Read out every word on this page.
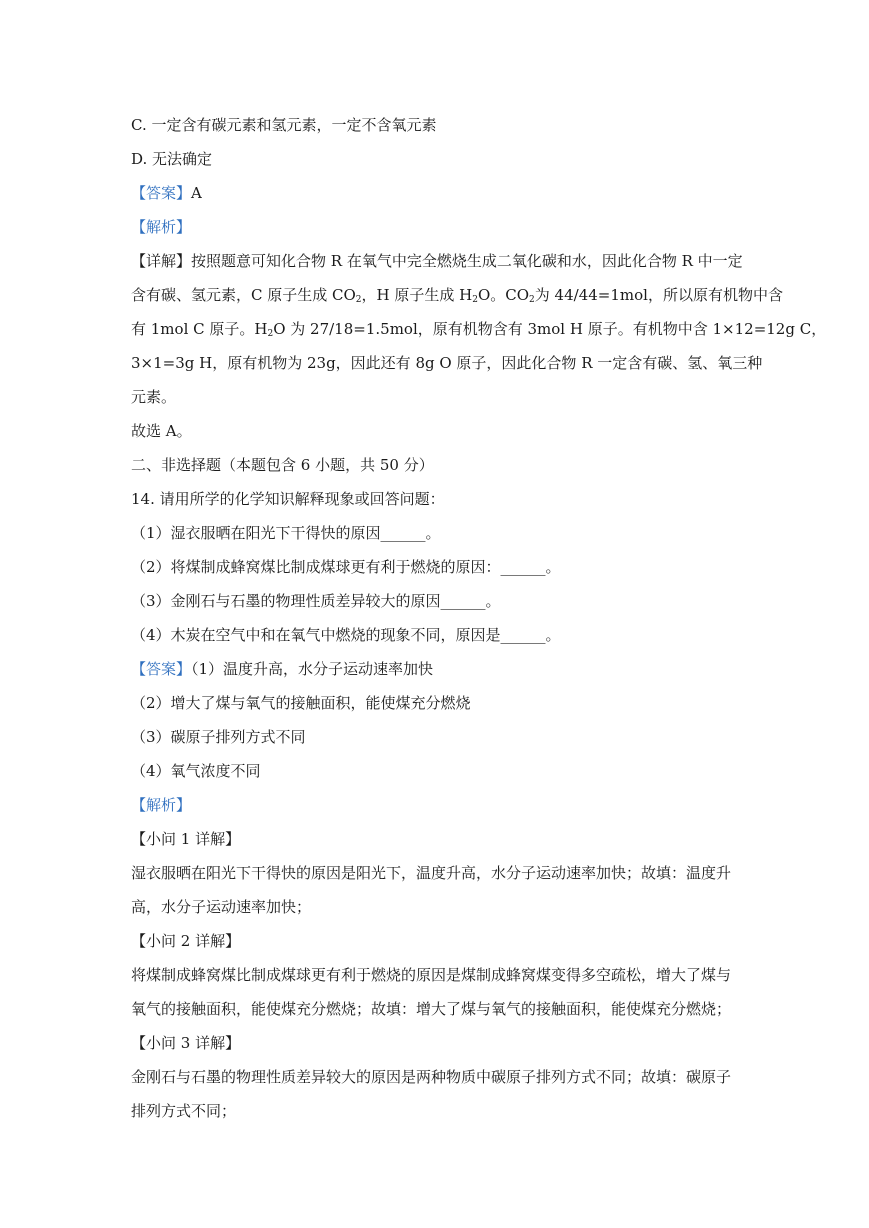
C. 一定含有碳元素和氢元素，一定不含氧元素
D. 无法确定
【答案】A
【解析】
【详解】按照题意可知化合物 R 在氧气中完全燃烧生成二氧化碳和水，因此化合物 R 中一定
含有碳、氢元素，C 原子生成 $CO_2$，H 原子生成 $H_2O$。$CO_2$为 44/44=1mol，所以原有机物中含
有 1mol C 原子。$H_2O$ 为 27/18=1.5mol，原有机物含有 3mol H 原子。有机物中含 1×12=12g C，
3×1=3g H，原有机物为 23g，因此还有 8g O 原子，因此化合物 R 一定含有碳、氢、氧三种
元素。
故选 A。
二、非选择题（本题包含 6 小题，共 50 分）
14. 请用所学的化学知识解释现象或回答问题：
（1）湿衣服晒在阳光下干得快的原因______。
（2）将煤制成蜂窝煤比制成煤球更有利于燃烧的原因：______。
（3）金刚石与石墨的物理性质差异较大的原因______。
（4）木炭在空气中和在氧气中燃烧的现象不同，原因是______。
【答案】（1）温度升高，水分子运动速率加快
（2）增大了煤与氧气的接触面积，能使煤充分燃烧
（3）碳原子排列方式不同
（4）氧气浓度不同
【解析】
【小问 1 详解】
湿衣服晒在阳光下干得快的原因是阳光下，温度升高，水分子运动速率加快；故填：温度升
高，水分子运动速率加快；
【小问 2 详解】
将煤制成蜂窝煤比制成煤球更有利于燃烧的原因是煤制成蜂窝煤变得多空疏松，增大了煤与
氧气的接触面积，能使煤充分燃烧；故填：增大了煤与氧气的接触面积，能使煤充分燃烧；
【小问 3 详解】
金刚石与石墨的物理性质差异较大的原因是两种物质中碳原子排列方式不同；故填：碳原子
排列方式不同；
